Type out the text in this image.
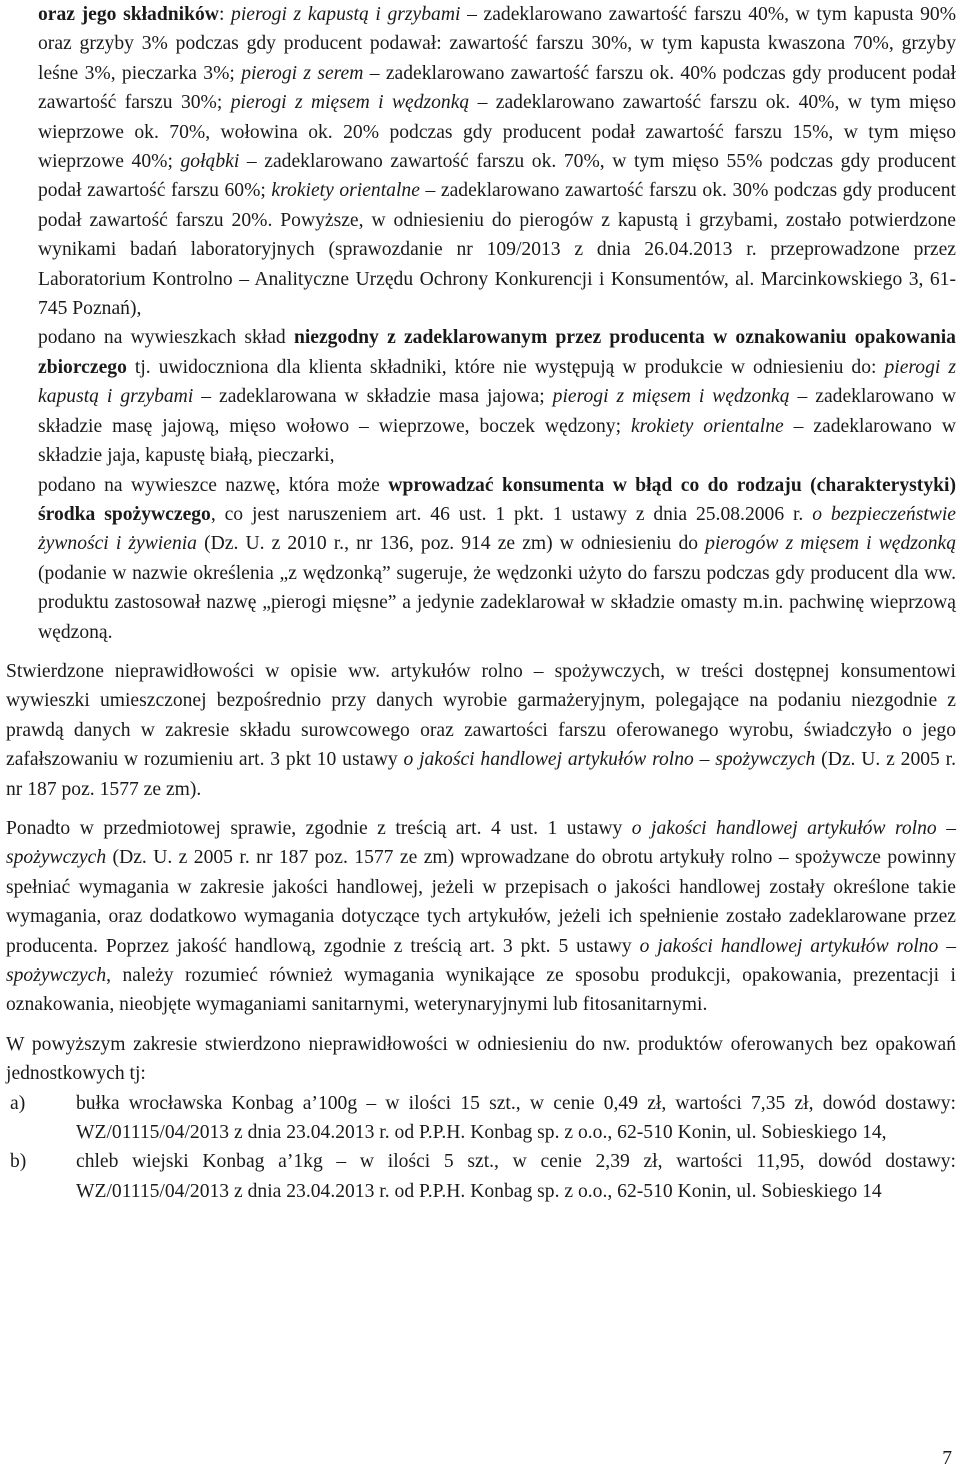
oraz jego składników: pierogi z kapustą i grzybami – zadeklarowano zawartość farszu 40%, w tym kapusta 90% oraz grzyby 3% podczas gdy producent podawał: zawartość farszu 30%, w tym kapusta kwaszona 70%, grzyby leśne 3%, pieczarka 3%; pierogi z serem – zadeklarowano zawartość farszu ok. 40% podczas gdy producent podał zawartość farszu 30%; pierogi z mięsem i wędzonką – zadeklarowano zawartość farszu ok. 40%, w tym mięso wieprzowe ok. 70%, wołowina ok. 20% podczas gdy producent podał zawartość farszu 15%, w tym mięso wieprzowe 40%; gołąbki – zadeklarowano zawartość farszu ok. 70%, w tym mięso 55% podczas gdy producent podał zawartość farszu 60%; krokiety orientalne – zadeklarowano zawartość farszu ok. 30% podczas gdy producent podał zawartość farszu 20%. Powyższe, w odniesieniu do pierogów z kapustą i grzybami, zostało potwierdzone wynikami badań laboratoryjnych (sprawozdanie nr 109/2013 z dnia 26.04.2013 r. przeprowadzone przez Laboratorium Kontrolno – Analityczne Urzędu Ochrony Konkurencji i Konsumentów, al. Marcinkowskiego 3, 61-745 Poznań),

podano na wywieszkach skład niezgodny z zadeklarowanym przez producenta w oznakowaniu opakowania zbiorczego tj. uwidoczniona dla klienta składniki, które nie występują w produkcie w odniesieniu do: pierogi z kapustą i grzybami – zadeklarowana w składzie masa jajowa; pierogi z mięsem i wędzonką – zadeklarowano w składzie masę jajową, mięso wołowo – wieprzowe, boczek wędzony; krokiety orientalne – zadeklarowano w składzie jaja, kapustę białą, pieczarki,

podano na wywieszce nazwę, która może wprowadzać konsumenta w błąd co do rodzaju (charakterystyki) środka spożywczego, co jest naruszeniem art. 46 ust. 1 pkt. 1 ustawy z dnia 25.08.2006 r. o bezpieczeństwie żywności i żywienia (Dz. U. z 2010 r., nr 136, poz. 914 ze zm) w odniesieniu do pierogów z mięsem i wędzonką (podanie w nazwie określenia „z wędzonką” sugeruje, że wędzonki użyto do farszu podczas gdy producent dla ww. produktu zastosował nazwę „pierogi mięsne” a jedynie zadeklarował w składzie omasty m.in. pachwinę wieprzową wędzoną.

Stwierdzone nieprawidłowości w opisie ww. artykułów rolno – spożywczych, w treści dostępnej konsumentowi wywieszki umieszczonej bezpośrednio przy danych wyrobie garmażeryjnym, polegające na podaniu niezgodnie z prawdą danych w zakresie składu surowcowego oraz zawartości farszu oferowanego wyrobu, świadczyło o jego zafałszowaniu w rozumieniu art. 3 pkt 10 ustawy o jakości handlowej artykułów rolno – spożywczych (Dz. U. z 2005 r. nr 187 poz. 1577 ze zm).

Ponadto w przedmiotowej sprawie, zgodnie z treścią art. 4 ust. 1 ustawy o jakości handlowej artykułów rolno – spożywczych (Dz. U. z 2005 r. nr 187 poz. 1577 ze zm) wprowadzane do obrotu artykuły rolno – spożywcze powinny spełniać wymagania w zakresie jakości handlowej, jeżeli w przepisach o jakości handlowej zostały określone takie wymagania, oraz dodatkowo wymagania dotyczące tych artykułów, jeżeli ich spełnienie zostało zadeklarowane przez producenta. Poprzez jakość handlową, zgodnie z treścią art. 3 pkt. 5 ustawy o jakości handlowej artykułów rolno – spożywczych, należy rozumieć również wymagania wynikające ze sposobu produkcji, opakowania, prezentacji i oznakowania, nieobjęte wymaganiami sanitarnymi, weterynaryjnymi lub fitosanitarnymi.

W powyższym zakresie stwierdzono nieprawidłowości w odniesieniu do nw. produktów oferowanych bez opakowań jednostkowych tj:

a)	bułka wrocławska Konbag a’100g – w ilości 15 szt., w cenie 0,49 zł, wartości 7,35 zł, dowód dostawy: WZ/01115/04/2013 z dnia 23.04.2013 r. od P.P.H. Konbag sp. z o.o., 62-510 Konin, ul. Sobieskiego 14,
b)	chleb wiejski Konbag a’1kg – w ilości 5 szt., w cenie 2,39 zł, wartości 11,95, dowód dostawy: WZ/01115/04/2013 z dnia 23.04.2013 r. od P.P.H. Konbag sp. z o.o., 62-510 Konin, ul. Sobieskiego 14
7
